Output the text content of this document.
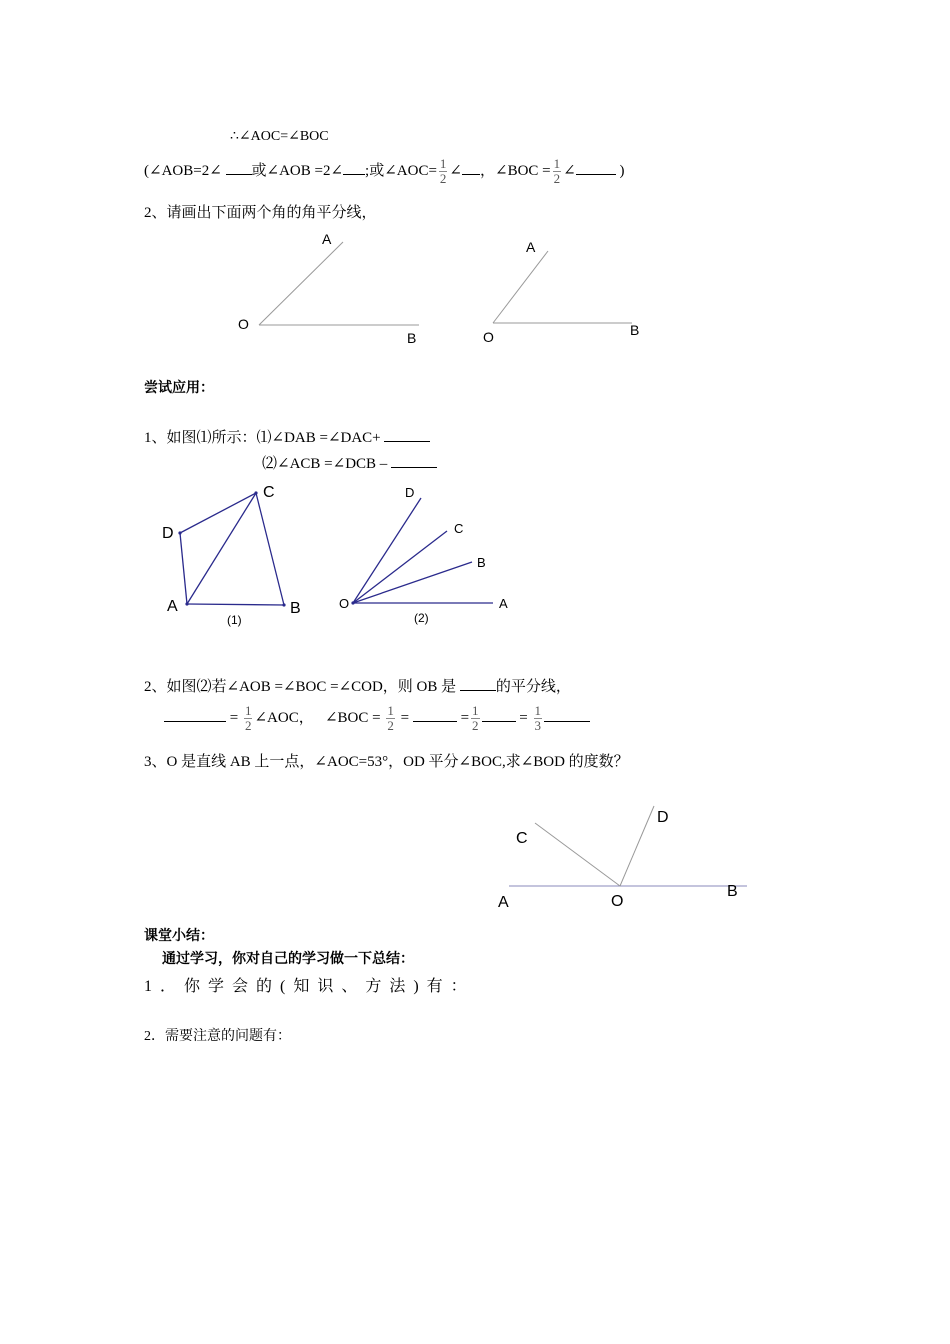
∴∠AOC=∠BOC
(∠AOB=2∠ 或∠AOB =2∠ ;或∠AOC= $\frac{1}{2}$ ∠ ，∠BOC = $\frac{1}{2}$ ∠	)
2、请画出下面两个角的角平分线，
A
O
B
A
O	B
C
D
A	B
(1)
D
C
B
O	A
(2)
D
C
A	O
B
尝试应用：
1、如图⑴所示：⑴∠DAB =∠DAC+
⑵∠ACB =∠DCB –
2、如图⑵若∠AOB =∠BOC =∠COD，则 OB 是	的平分线，
= $\frac{1}{2}$ ∠AOC， ∠BOC = $\frac{1}{2}$ =	= $\frac{1}{2}$	= $\frac{1}{3}$
3、O 是直线 AB 上一点，∠AOC=53°，OD 平分∠BOC,求∠BOD 的度数？
课堂小结：
通过学习，你对自己的学习做一下总结：
1．你学会的(知识、方法)有：
2．需要注意的问题有：
